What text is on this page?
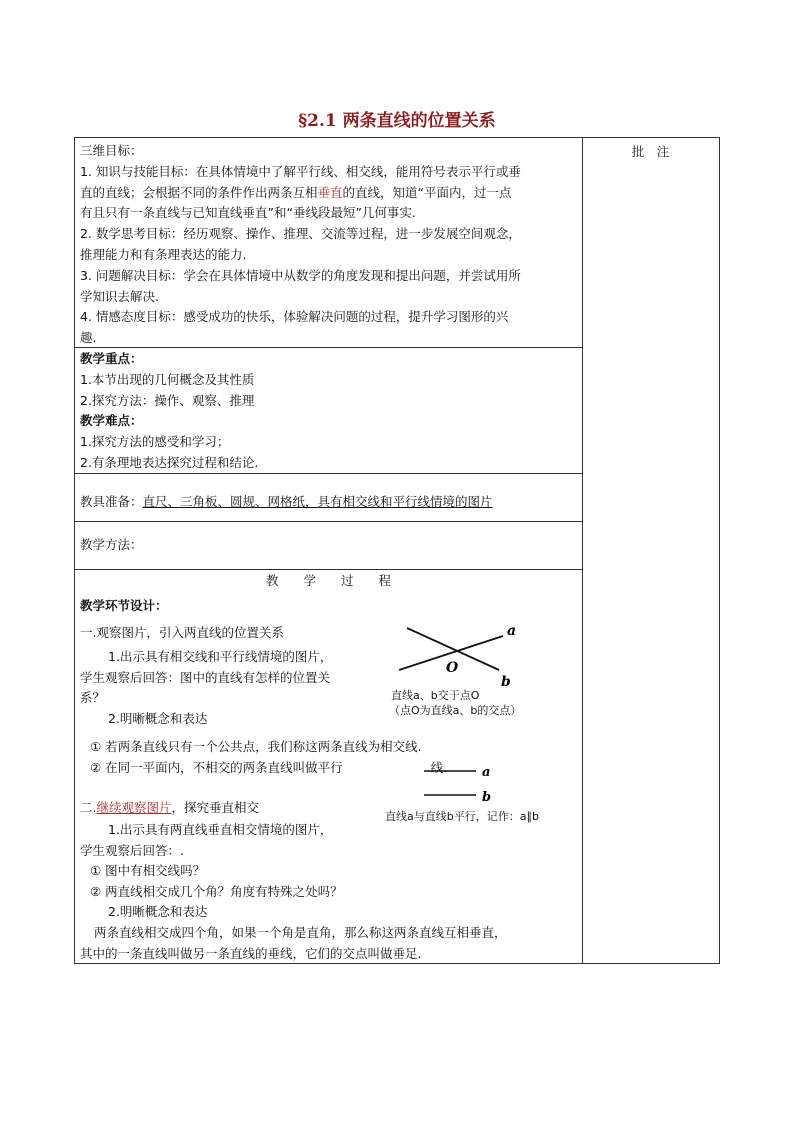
§2.1 两条直线的位置关系
批　注

三维目标：

1. 知识与技能目标：在具体情境中了解平行线、相交线，能用符号表示平行或垂

直的直线；会根据不同的条件作出两条互相垂直的直线，知道“平面内，过一点

有且只有一条直线与已知直线垂直”和“垂线段最短”几何事实.

2. 数学思考目标：经历观察、操作、推理、交流等过程，进一步发展空间观念，

推理能力和有条理表达的能力.

3. 问题解决目标：学会在具体情境中从数学的角度发现和提出问题，并尝试用所

学知识去解决.

4. 情感态度目标：感受成功的快乐，体验解决问题的过程，提升学习图形的兴

趣.

教学重点：

1.本节出现的几何概念及其性质

2.探究方法：操作、观察、推理

教学难点：

1.探究方法的感受和学习；

2.有条理地表达探究过程和结论.

教具准备：直尺、三角板、圆规、网格纸，具有相交线和平行线情境的图片

教学方法：

教　　学　　过　　程

教学环节设计：

一.观察图片，引入两直线的位置关系

1.出示具有相交线和平行线情境的图片，

学生观察后回答：图中的直线有怎样的位置关

系？

2.明晰概念和表达

① 若两条直线只有一个公共点，我们称这两条直线为相交线.

② 在同一平面内，不相交的两条直线叫做平行	线.

二.继续观察图片，探究垂直相交

1.出示具有两直线垂直相交情境的图片，

学生观察后回答：.

① 图中有相交线吗？

② 两直线相交成几个角？角度有特殊之处吗？

2.明晰概念和表达

两条直线相交成四个角，如果一个角是直角，那么称这两条直线互相垂直，

其中的一条直线叫做另一条直线的垂线，它们的交点叫做垂足.

a
b
O
直线a、b交于点O
（点O为直线a、b的交点）
a
b
直线a与直线b平行，记作：a∥b
